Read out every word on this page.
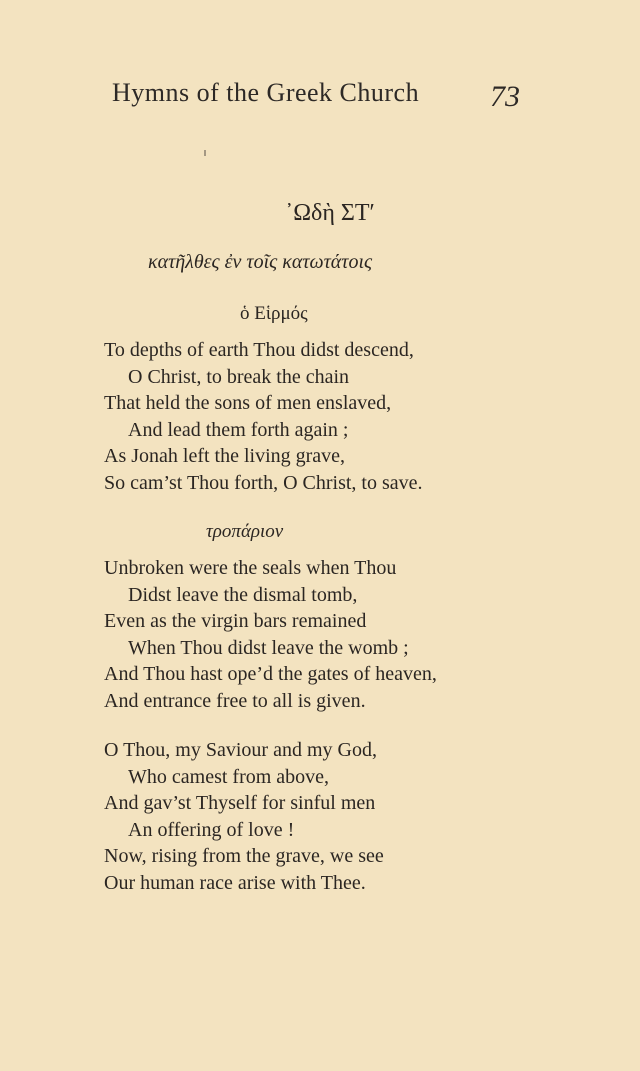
Hymns of the Greek Church 73
᾽Ωδὴ ΣΤ′
κατῆλθες ἐν τοῖς κατωτάτοις
ὁ Εἱρμός
To depths of earth Thou didst descend,
O Christ, to break the chain
That held the sons of men enslaved,
And lead them forth again ;
As Jonah left the living grave,
So cam’st Thou forth, O Christ, to save.
τροπάριον
Unbroken were the seals when Thou
Didst leave the dismal tomb,
Even as the virgin bars remained
When Thou didst leave the womb ;
And Thou hast ope’d the gates of heaven,
And entrance free to all is given.
O Thou, my Saviour and my God,
Who camest from above,
And gav’st Thyself for sinful men
An offering of love !
Now, rising from the grave, we see
Our human race arise with Thee.
